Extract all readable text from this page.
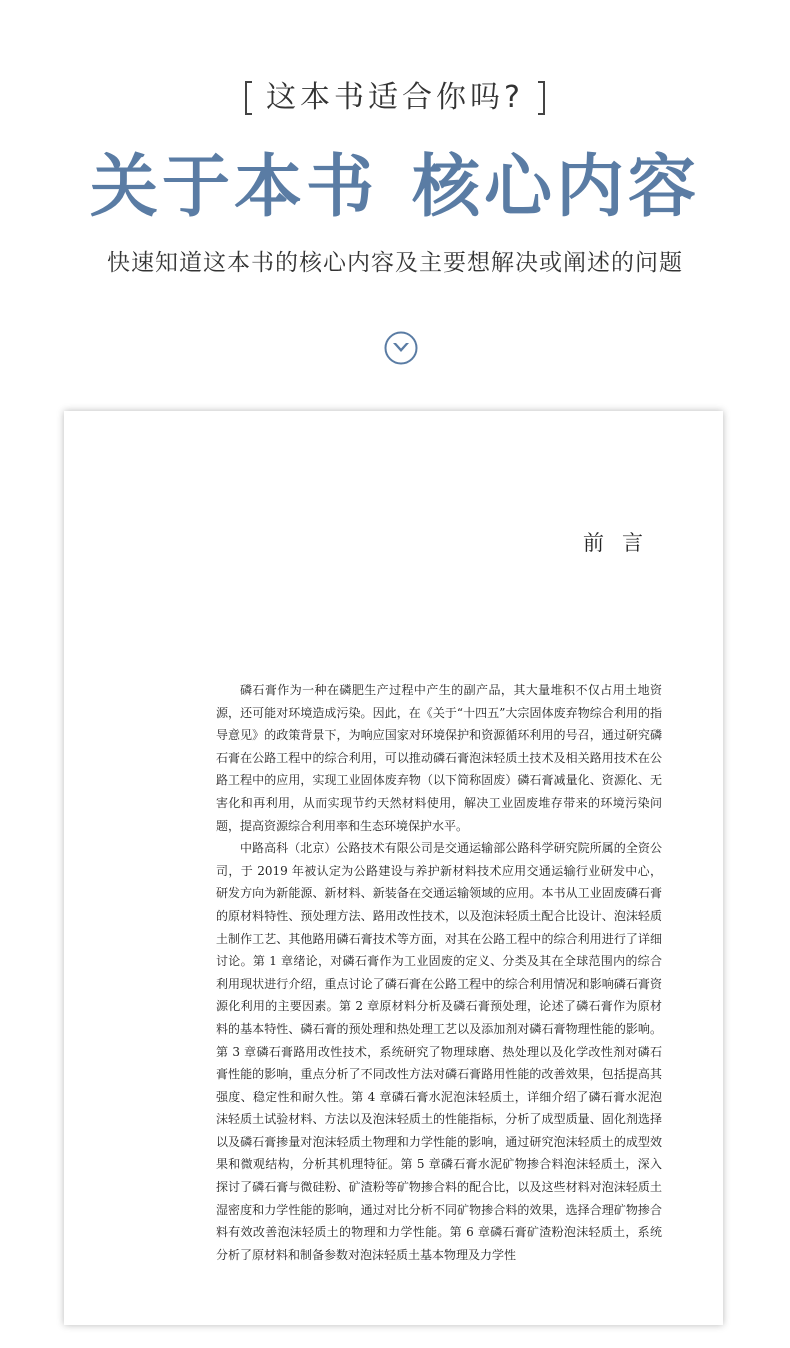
这本书适合你吗?
关于本书 核心内容
快速知道这本书的核心内容及主要想解决或阐述的问题
前言

磷石膏作为一种在磷肥生产过程中产生的副产品，其大量堆积不仅占用土地资源，还可能对环境造成污染。因此，在《关于“十四五”大宗固体废弃物综合利用的指导意见》的政策背景下，为响应国家对环境保护和资源循环利用的号召，通过研究磷石膏在公路工程中的综合利用，可以推动磷石膏泡沫轻质土技术及相关路用技术在公路工程中的应用，实现工业固体废弃物（以下简称固废）磷石膏减量化、资源化、无害化和再利用，从而实现节约天然材料使用，解决工业固废堆存带来的环境污染问题，提高资源综合利用率和生态环境保护水平。

中路高科（北京）公路技术有限公司是交通运输部公路科学研究院所属的全资公司，于 2019 年被认定为公路建设与养护新材料技术应用交通运输行业研发中心，研发方向为新能源、新材料、新装备在交通运输领域的应用。本书从工业固废磷石膏的原材料特性、预处理方法、路用改性技术，以及泡沫轻质土配合比设计、泡沫轻质土制作工艺、其他路用磷石膏技术等方面，对其在公路工程中的综合利用进行了详细讨论。第 1 章绪论，对磷石膏作为工业固废的定义、分类及其在全球范围内的综合利用现状进行介绍，重点讨论了磷石膏在公路工程中的综合利用情况和影响磷石膏资源化利用的主要因素。第 2 章原材料分析及磷石膏预处理，论述了磷石膏作为原材料的基本特性、磷石膏的预处理和热处理工艺以及添加剂对磷石膏物理性能的影响。第 3 章磷石膏路用改性技术，系统研究了物理球磨、热处理以及化学改性剂对磷石膏性能的影响，重点分析了不同改性方法对磷石膏路用性能的改善效果，包括提高其强度、稳定性和耐久性。第 4 章磷石膏水泥泡沫轻质土，详细介绍了磷石膏水泥泡沫轻质土试验材料、方法以及泡沫轻质土的性能指标，分析了成型质量、固化剂选择以及磷石膏掺量对泡沫轻质土物理和力学性能的影响，通过研究泡沫轻质土的成型效果和微观结构，分析其机理特征。第 5 章磷石膏水泥矿物掺合料泡沫轻质土，深入探讨了磷石膏与微硅粉、矿渣粉等矿物掺合料的配合比，以及这些材料对泡沫轻质土湿密度和力学性能的影响，通过对比分析不同矿物掺合料的效果，选择合理矿物掺合料有效改善泡沫轻质土的物理和力学性能。第 6 章磷石膏矿渣粉泡沫轻质土，系统分析了原材料和制备参数对泡沫轻质土基本物理及力学性
